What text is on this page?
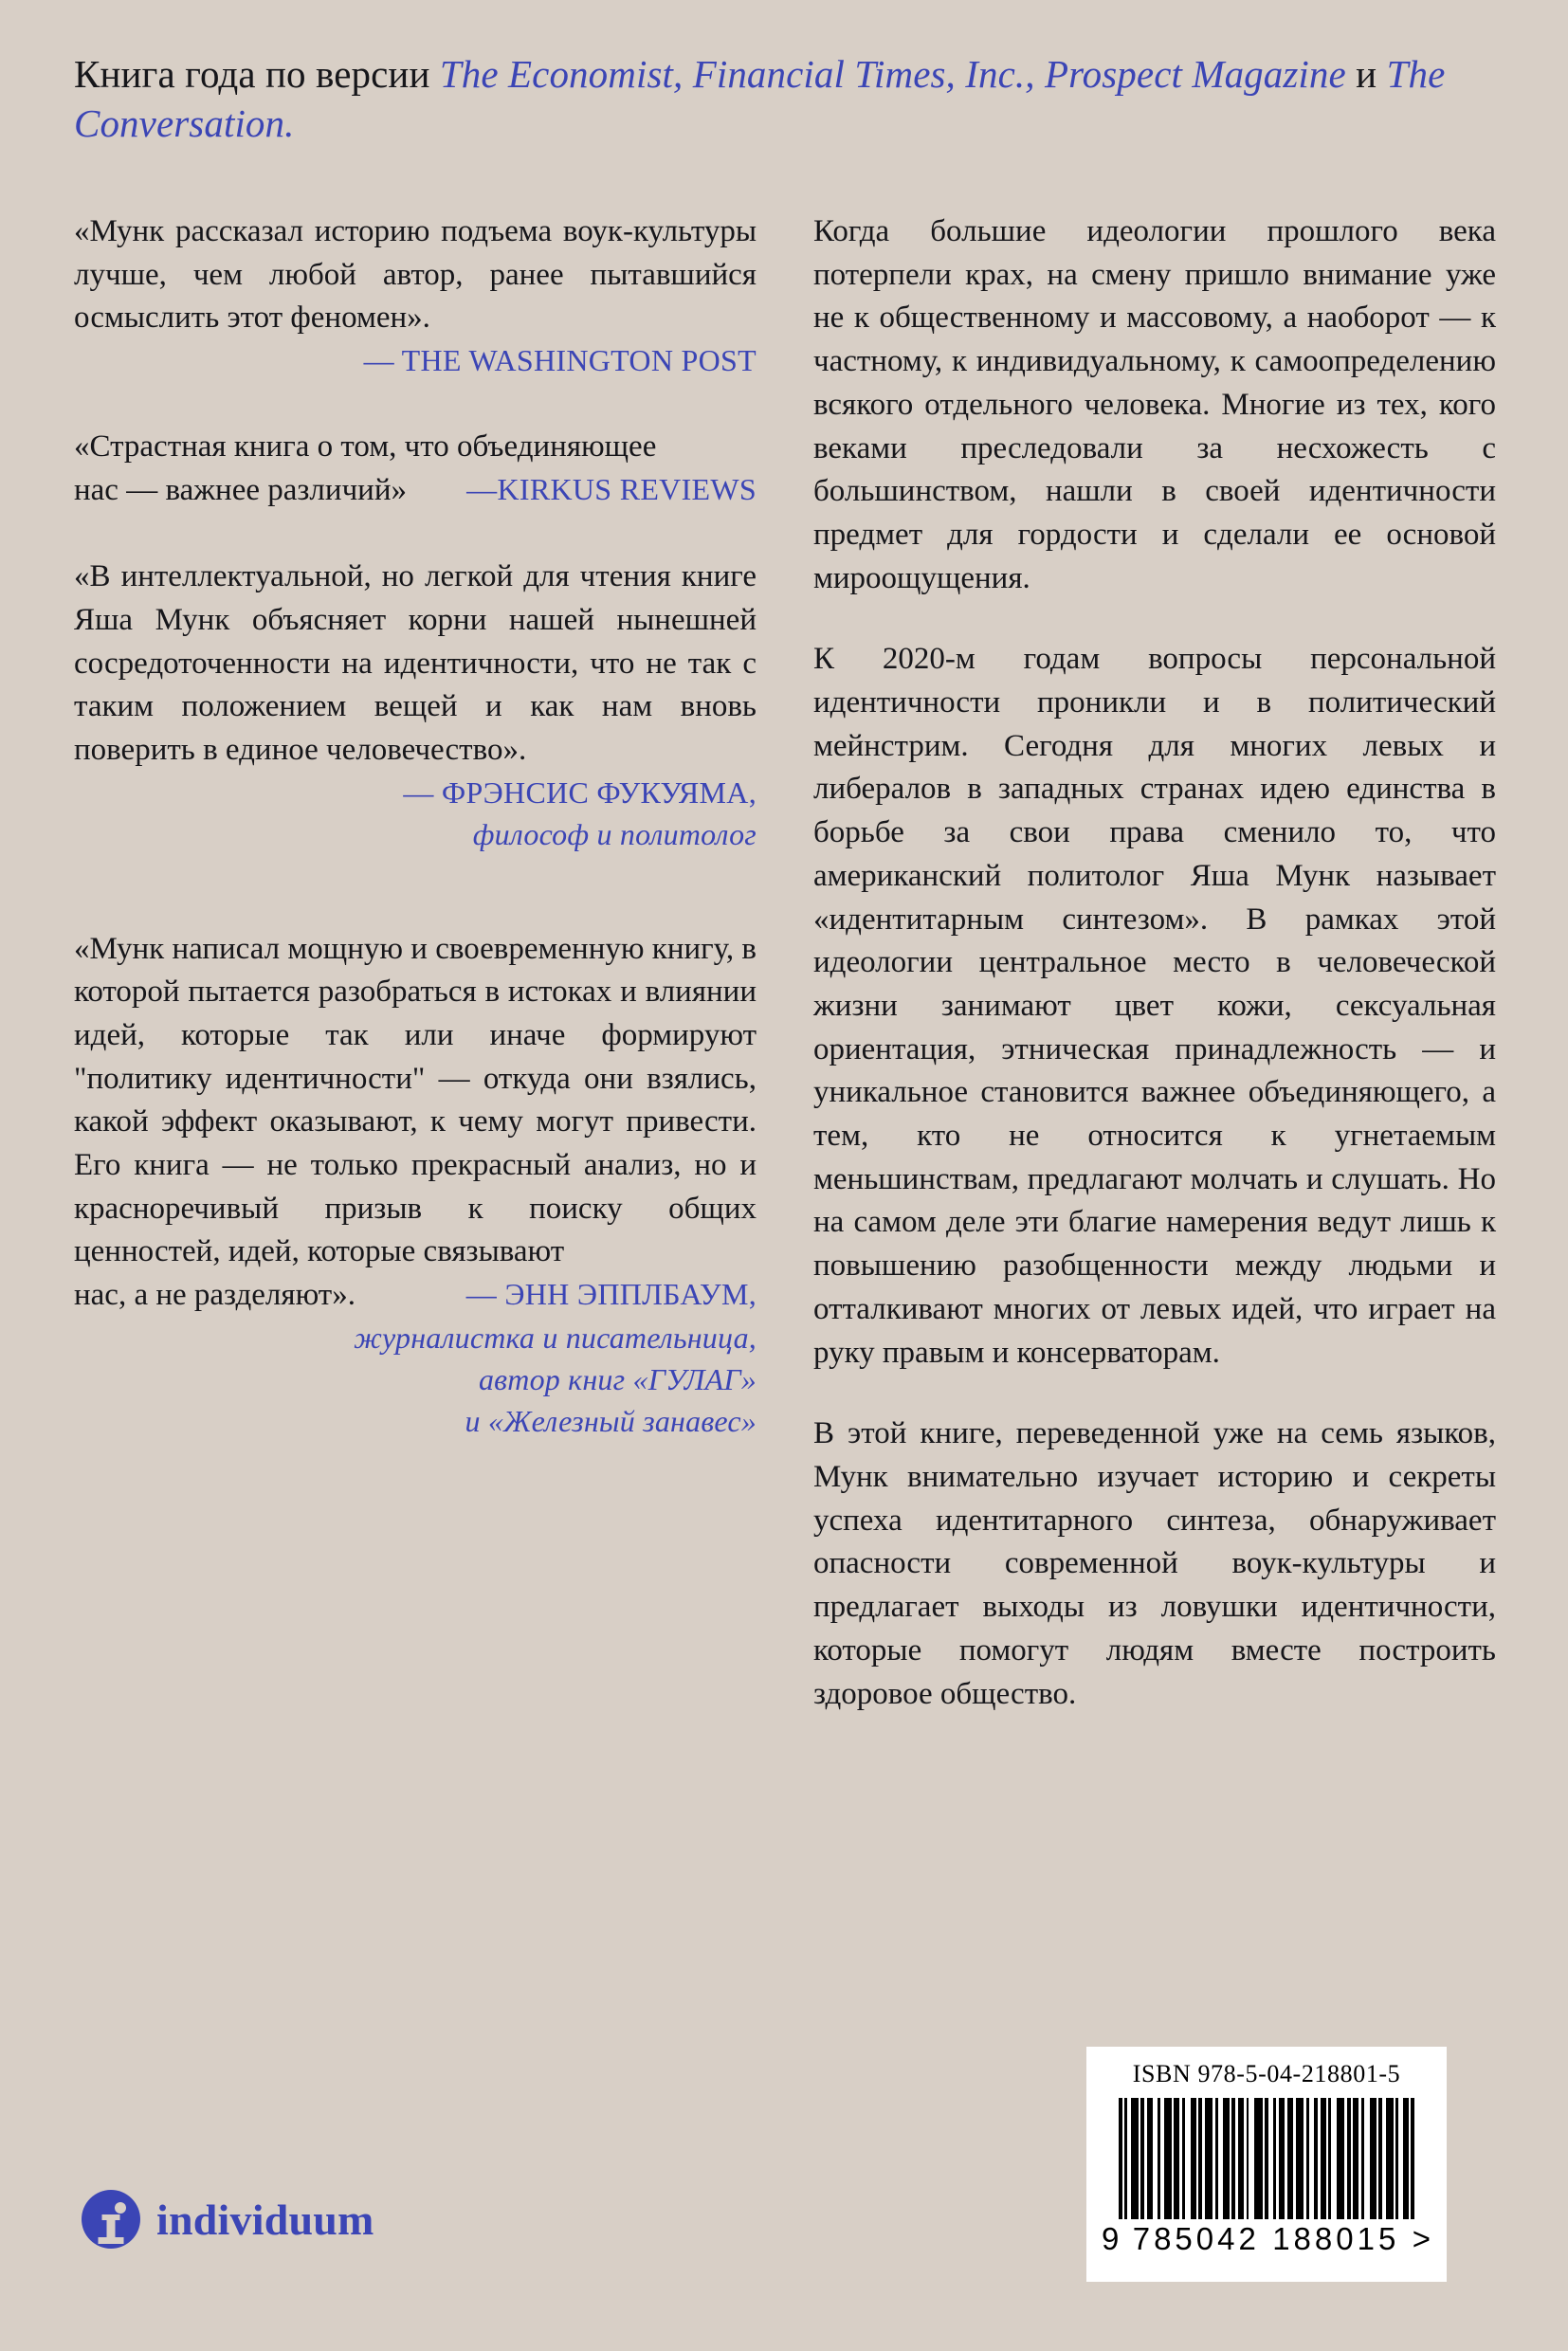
Книга года по версии The Economist, Financial Times, Inc., Prospect Magazine и The Conversation.

«Мунк рассказал историю подъема воук-культуры лучше, чем любой автор, ранее пытавшийся осмыслить этот феномен».

— THE WASHINGTON POST

«Страстная книга о том, что объединяющее

нас — важнее различий» —KIRKUS REVIEWS

«В интеллектуальной, но легкой для чтения книге Яша Мунк объясняет корни нашей нынешней сосредоточенности на идентичности, что не так с таким положением вещей и как нам вновь поверить в единое человечество».

— ФРЭНСИС ФУКУЯМА,

философ и политолог

«Мунк написал мощную и своевременную книгу, в которой пытается разобраться в истоках и влиянии идей, которые так или иначе формируют "политику идентичности" — откуда они взялись, какой эффект оказывают, к чему могут привести. Его книга — не только прекрасный анализ, но и красноречивый призыв к поиску общих ценностей, идей, которые связывают

нас, а не разделяют».	— ЭНН ЭППЛБАУМ,

журналистка и писательница,
автор книг «ГУЛАГ»
и «Железный занавес»

Когда большие идеологии прошлого века потерпели крах, на смену пришло внимание уже не к общественному и массовому, а наоборот — к частному, к индивидуальному, к самоопределению всякого отдельного человека. Многие из тех, кого веками преследовали за несхожесть с большинством, нашли в своей идентичности предмет для гордости и сделали ее основой мироощущения.

К 2020-м годам вопросы персональной идентичности проникли и в политический мейнстрим. Сегодня для многих левых и либералов в западных странах идею единства в борьбе за свои права сменило то, что американский политолог Яша Мунк называет «идентитарным синтезом». В рамках этой идеологии центральное место в человеческой жизни занимают цвет кожи, сексуальная ориентация, этническая принадлежность — и уникальное становится важнее объединяющего, а тем, кто не относится к угнетаемым меньшинствам, предлагают молчать и слушать. Но на самом деле эти благие намерения ведут лишь к повышению разобщенности между людьми и отталкивают многих от левых идей, что играет на руку правым и консерваторам.

В этой книге, переведенной уже на семь языков, Мунк внимательно изучает историю и секреты успеха идентитарного синтеза, обнаруживает опасности современной воук-культуры и предлагает выходы из ловушки идентичности, которые помогут людям вместе построить здоровое общество.

ISBN 978-5-04-218801-5
9 785042 188015 >
individuum
